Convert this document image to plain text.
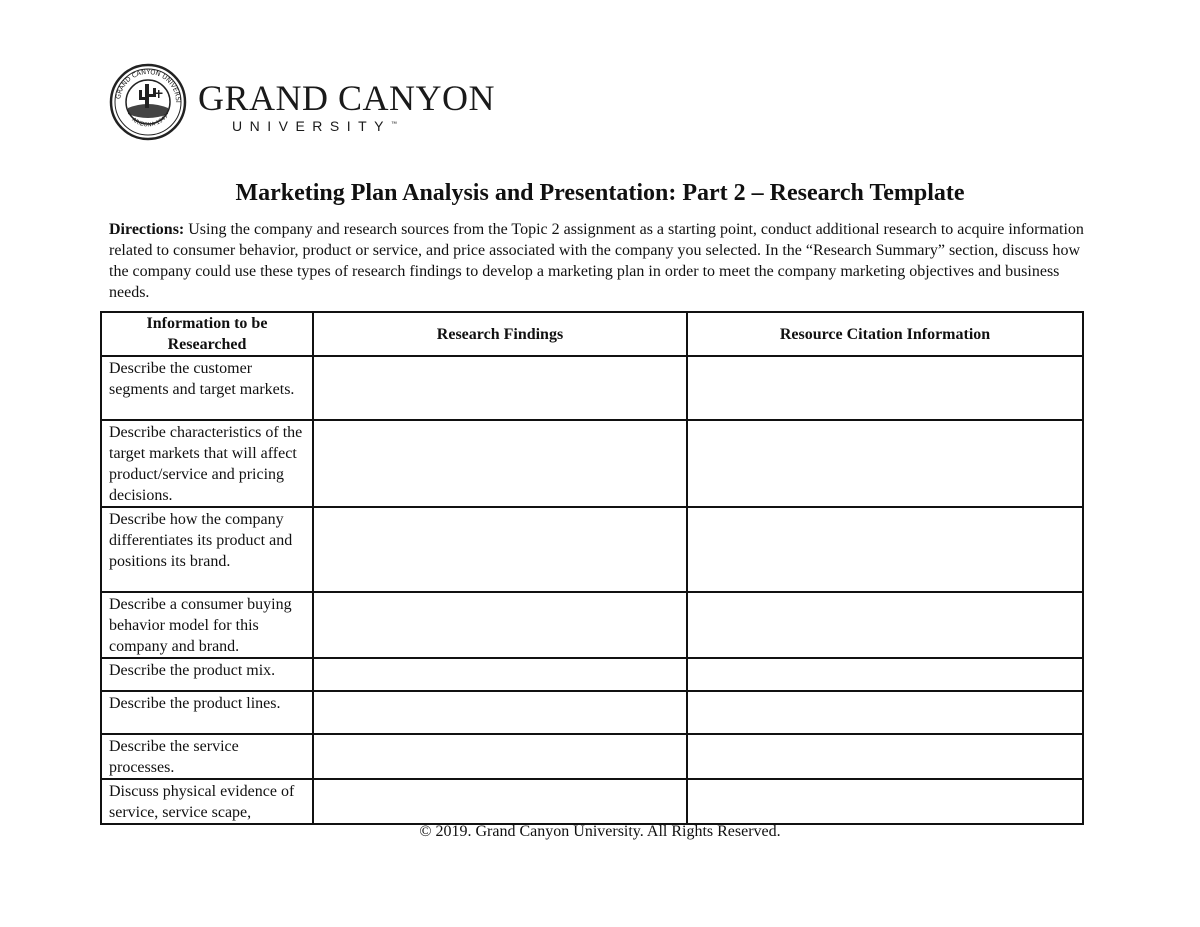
GRAND CANYON UNIVERSI
ARIZONA 1949 GRAND CANYON
UNIVERSITY™
Marketing Plan Analysis and Presentation: Part 2 – Research Template

Directions: Using the company and research sources from the Topic 2 assignment as a starting point, conduct additional research to acquire information related to consumer behavior, product or service, and price associated with the company you selected. In the “Research Summary” section, discuss how the company could use these types of research findings to develop a marketing plan in order to meet the company marketing objectives and business needs.

Information to be Researched	Research Findings	Resource Citation Information
Describe the customer segments and target markets.		
Describe characteristics of the target markets that will affect product/service and pricing decisions.		
Describe how the company differentiates its product and positions its brand.		
Describe a consumer buying behavior model for this company and brand.		
Describe the product mix.		
Describe the product lines.		
Describe the service processes.		
Discuss physical evidence of service, service scape,		
© 2019. Grand Canyon University. All Rights Reserved.
